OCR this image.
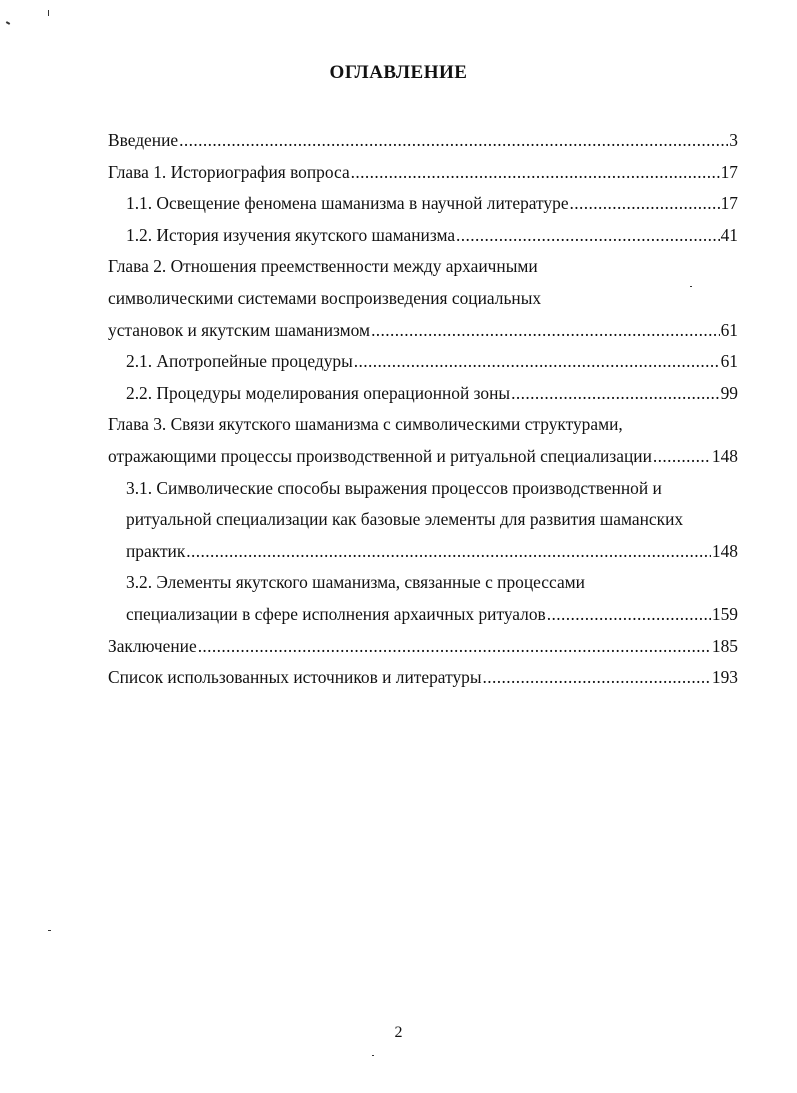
ОГЛАВЛЕНИЕ
Введение .....	3
Глава 1. Историография вопроса .....	17
1.1. Освещение феномена шаманизма в научной литературе .....	17
1.2. История изучения якутского шаманизма .....	41
Глава 2. Отношения преемственности между архаичными
символическими системами воспроизведения социальных
установок и якутским шаманизмом .....	61
2.1. Апотропейные процедуры .....	61
2.2. Процедуры моделирования операционной зоны .....	99
Глава 3. Связи якутского шаманизма с символическими структурами,
отражающими процессы производственной и ритуальной специализации .....	148
3.1. Символические способы выражения процессов производственной и
ритуальной специализации как базовые элементы для развития шаманских
практик .....	148
3.2. Элементы якутского шаманизма, связанные с процессами
специализации в сфере исполнения архаичных ритуалов .....	159
Заключение .....	185
Список использованных источников и литературы .....	193
2
